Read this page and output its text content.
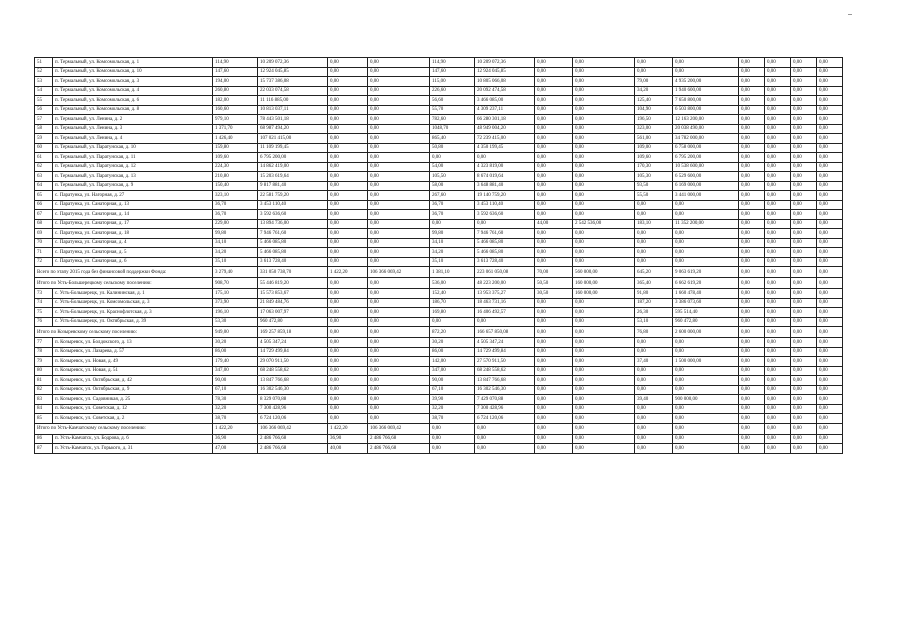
51	п. Термальный, ул. Комсомольская, д. 1	114,90	10 209 072,36	0,00	0,00	114,90	10 209 072,36	0,00	0,00	0,00	0,00	0,00	0,00	0,00	0,00
52	п. Термальный, ул. Комсомольская, д. 10	147,60	12 924 045,85	0,00	0,00	147,60	12 924 045,85	0,00	0,00	0,00	0,00	0,00	0,00	0,00	0,00
53	п. Термальный, ул. Комсомольская, д. 3	194,00	15 737 386,08	0,00	0,00	115,00	10 805 066,08	0,00	0,00	79,00	4 935 200,00	0,00	0,00	0,00	0,00
54	п. Термальный, ул. Комсомольская, д. 4	260,80	22 033 074,58	0,00	0,00	226,60	20 092 474,58	0,00	0,00	34,20	1 940 600,00	0,00	0,00	0,00	0,00
55	п. Термальный, ул. Комсомольская, д. 6	182,00	11 116 885,00	0,00	0,00	56,60	3 466 085,00	0,00	0,00	125,40	7 650 800,00	0,00	0,00	0,00	0,00
56	п. Термальный, ул. Комсомольская, д. 8	160,60	10 813 037,11	0,00	0,00	55,70	4 309 237,11	0,00	0,00	104,90	6 503 800,00	0,00	0,00	0,00	0,00
57	п. Термальный, ул. Ленина, д. 2	979,10	78 443 501,18	0,00	0,00	782,60	66 280 301,18	0,00	0,00	196,50	12 163 200,00	0,00	0,00	0,00	0,00
58	п. Термальный, ул. Ленина, д. 3	1 371,70	68 987 494,20	0,00	0,00	1048,70	48 949 004,20	0,00	0,00	323,00	20 038 490,00	0,00	0,00	0,00	0,00
59	п. Термальный, ул. Ленина, д. 4	1 426,40	107 021 415,00	0,00	0,00	865,40	72 239 415,00	0,00	0,00	561,00	34 782 000,00	0,00	0,00	0,00	0,00
60	п. Термальный, ул. Паратунская, д. 10	159,80	11 109 199,45	0,00	0,00	50,80	4 350 199,45	0,00	0,00	109,00	6 758 000,00	0,00	0,00	0,00	0,00
61	п. Термальный, ул. Паратунская, д. 11	109,60	6 795 200,00	0,00	0,00	0,00	0,00	0,00	0,00	109,60	6 795 200,00	0,00	0,00	0,00	0,00
62	п. Термальный, ул. Паратунская, д. 12	224,30	14 862 419,00	0,00	0,00	54,00	4 323 819,00	0,00	0,00	170,30	10 538 600,00	0,00	0,00	0,00	0,00
63	п. Термальный, ул. Паратунская, д. 13	210,80	15 203 619,64	0,00	0,00	105,50	8 674 019,64	0,00	0,00	105,30	6 529 600,00	0,00	0,00	0,00	0,00
64	п. Термальный, ул. Паратунская, д. 9	150,40	9 817 881,40	0,00	0,00	58,00	3 648 881,40	0,00	0,00	93,50	6 169 000,00	0,00	0,00	0,00	0,00
65	с. Паратунка, ул. Нагорная, д. 27	323,10	22 581 759,20	0,00	0,00	267,60	19 140 759,20	0,00	0,00	55,50	3 441 000,00	0,00	0,00	0,00	0,00
66	с. Паратунка, ул. Санаторная, д. 13	36,70	3 453 110,40	0,00	0,00	36,70	3 453 110,40	0,00	0,00	0,00	0,00	0,00	0,00	0,00	0,00
67	с. Паратунка, ул. Санаторная, д. 14	36,70	3 592 636,60	0,00	0,00	36,70	3 592 636,60	0,00	0,00	0,00	0,00	0,00	0,00	0,00	0,00
68	с. Паратунка, ул. Санаторная, д. 17	229,00	13 894 736,00	0,00	0,00	0,00	0,00	44,00	2 542 536,00	183,10	11 352 200,00	0,00	0,00	0,00	0,00
69	с. Паратунка, ул. Санаторная, д. 18	99,80	7 946 761,60	0,00	0,00	99,80	7 946 761,60	0,00	0,00	0,00	0,00	0,00	0,00	0,00	0,00
70	с. Паратунка, ул. Санаторная, д. 4	34,10	5 466 085,80	0,00	0,00	34,10	5 466 085,80	0,00	0,00	0,00	0,00	0,00	0,00	0,00	0,00
71	с. Паратунка, ул. Санаторная, д. 5	34,20	5 466 085,80	0,00	0,00	34,20	5 466 085,80	0,00	0,00	0,00	0,00	0,00	0,00	0,00	0,00
72	с. Паратунка, ул. Санаторная, д. 6	35,10	3 613 728,40	0,00	0,00	35,10	3 613 728,40	0,00	0,00	0,00	0,00	0,00	0,00	0,00	0,00
Всего по этапу 2015 года без финансовой поддержки Фонда:		3 279,40	331 050 738,70	1 422,20	106 366 069,42	1 381,10	223 061 050,08	70,00	560 000,00	645,20	9 063 619,20	0,00	0,00	0,00	0,00
Итого по Усть-Большерецкому сельскому поселению:		908,70	55 446 819,20	0,00	0,00	536,00	48 223 200,00	50,50	160 000,00	365,40	6 662 619,20	0,00	0,00	0,00	0,00
73	с. Усть-Большерецк, ул. Калининская, д. 1	175,10	15 573 853,67	0,00	0,00	152,40	13 953 375,27	30,50	160 000,00	91,80	1 660 478,40	0,00	0,00	0,00	0,00
74	с. Усть-Большерецк, ул. Комсомольская, д. 3	373,90	21 849 484,76	0,00	0,00	186,70	18 463 731,16	0,00	0,00	187,20	3 386 073,60	0,00	0,00	0,00	0,00
75	с. Усть-Большерецк, ул. Краснофлотская, д. 3	196,10	17 063 007,97	0,00	0,00	169,80	16 406 492,57	0,00	0,00	26,30	595 514,40	0,00	0,00	0,00	0,00
76	с. Усть-Большерецк, ул. Октябрьская, д. 39	53,30	960 472,80	0,00	0,00	0,00	0,00	0,00	0,00	53,10	960 472,80	0,00	0,00	0,00	0,00
Итого по Козыревскому сельскому поселению:		949,00	169 257 859,18	0,00	0,00	872,20	166 657 850,08	0,00	0,00	76,80	2 600 000,00	0,00	0,00	0,00	0,00
77	п. Козыревск, ул. Болдокского, д. 13	30,20	4 505 347,24	0,00	0,00	30,20	4 505 347,24	0,00	0,00	0,00	0,00	0,00	0,00	0,00	0,00
78	п. Козыревск, ул. Лазарева, д. 57	86,00	14 729 499,84	0,00	0,00	86,00	14 729 499,84	0,00	0,00	0,00	0,00	0,00	0,00	0,00	0,00
79	п. Козыревск, ул. Новая, д. 49	179,40	29 070 911,50	0,00	0,00	142,00	27 570 911,50	0,00	0,00	37,40	1 500 000,00	0,00	0,00	0,00	0,00
80	п. Козыревск, ул. Новая, д. 51	347,00	68 248 558,62	0,00	0,00	347,00	68 248 558,62	0,00	0,00	0,00	0,00	0,00	0,00	0,00	0,00
81	п. Козыревск, ул. Октябрьская, д. 42	90,00	13 847 766,68	0,00	0,00	90,00	13 847 766,68	0,00	0,00	0,00	0,00	0,00	0,00	0,00	0,00
82	п. Козыревск, ул. Октябрьская, д. 9	67,10	16 302 546,30	0,00	0,00	67,10	16 302 546,30	0,00	0,00	0,00	0,00	0,00	0,00	0,00	0,00
83	п. Козыревск, ул. Садовникая, д. 25	78,30	8 329 070,88	0,00	0,00	39,90	7 429 070,88	0,00	0,00	39,40	900 000,00	0,00	0,00	0,00	0,00
84	п. Козыревск, ул. Советская, д. 12	32,20	7 300 428,96	0,00	0,00	32,20	7 300 428,96	0,00	0,00	0,00	0,00	0,00	0,00	0,00	0,00
85	п. Козыревск, ул. Советская, д. 2	38,70	6 724 120,06	0,00	0,00	38,70	6 724 120,06	0,00	0,00	0,00	0,00	0,00	0,00	0,00	0,00
Итого по Усть-Камчатскому сельскому поселению:		1 422,20	106 366 069,42	1 422,20	106 366 069,42	0,00	0,00	0,00	0,00	0,00	0,00	0,00	0,00	0,00	0,00
86	п. Усть-Камчатск, ул. Бодрова, д. 6	36,90	2 486 766,68	36,90	2 486 766,68	0,00	0,00	0,00	0,00	0,00	0,00	0,00	0,00	0,00	0,00
87	п. Усть-Камчатск, ул. Горького, д. 31	47,00	2 486 766,68	40,00	2 486 766,68	0,00	0,00	0,00	0,00	0,00	0,00	0,00	0,00	0,00	0,00
